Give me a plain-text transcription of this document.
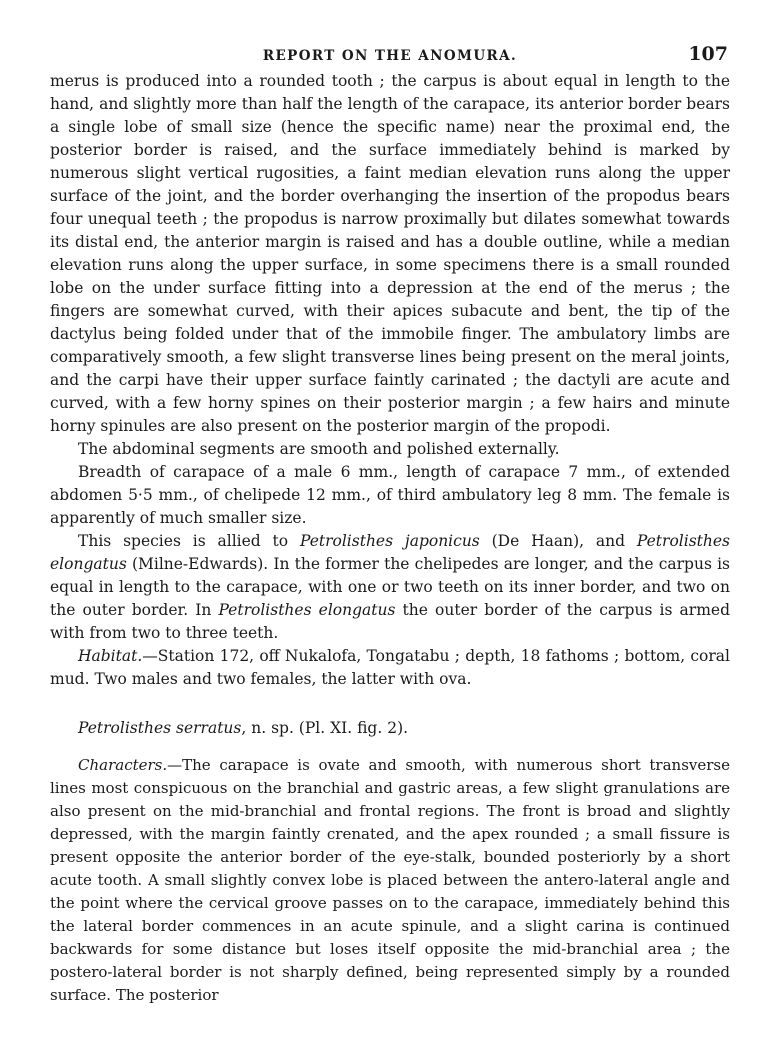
REPORT ON THE ANOMURA.	107

merus is produced into a rounded tooth ; the carpus is about equal in length to the hand, and slightly more than half the length of the carapace, its anterior border bears a single lobe of small size (hence the specific name) near the proximal end, the posterior border is raised, and the surface immediately behind is marked by numerous slight vertical rugosities, a faint median elevation runs along the upper surface of the joint, and the border overhanging the insertion of the propodus bears four unequal teeth ; the propodus is narrow proximally but dilates somewhat towards its distal end, the anterior margin is raised and has a double outline, while a median elevation runs along the upper surface, in some specimens there is a small rounded lobe on the under surface fitting into a depression at the end of the merus ; the fingers are somewhat curved, with their apices subacute and bent, the tip of the dactylus being folded under that of the immobile finger. The ambulatory limbs are comparatively smooth, a few slight transverse lines being present on the meral joints, and the carpi have their upper surface faintly carinated ; the dactyli are acute and curved, with a few horny spines on their posterior margin ; a few hairs and minute horny spinules are also present on the posterior margin of the propodi.

The abdominal segments are smooth and polished externally.

Breadth of carapace of a male 6 mm., length of carapace 7 mm., of extended abdomen 5·5 mm., of chelipede 12 mm., of third ambulatory leg 8 mm. The female is apparently of much smaller size.

This species is allied to Petrolisthes japonicus (De Haan), and Petrolisthes elongatus (Milne-Edwards). In the former the chelipedes are longer, and the carpus is equal in length to the carapace, with one or two teeth on its inner border, and two on the outer border. In Petrolisthes elongatus the outer border of the carpus is armed with from two to three teeth.

Habitat.—Station 172, off Nukalofa, Tongatabu ; depth, 18 fathoms ; bottom, coral mud. Two males and two females, the latter with ova.

Petrolisthes serratus, n. sp. (Pl. XI. fig. 2).

Characters.—The carapace is ovate and smooth, with numerous short transverse lines most conspicuous on the branchial and gastric areas, a few slight granulations are also present on the mid-branchial and frontal regions. The front is broad and slightly depressed, with the margin faintly crenated, and the apex rounded ; a small fissure is present opposite the anterior border of the eye-stalk, bounded posteriorly by a short acute tooth. A small slightly convex lobe is placed between the antero-lateral angle and the point where the cervical groove passes on to the carapace, immediately behind this the lateral border commences in an acute spinule, and a slight carina is continued backwards for some distance but loses itself opposite the mid-branchial area ; the postero-lateral border is not sharply defined, being represented simply by a rounded surface. The posterior
